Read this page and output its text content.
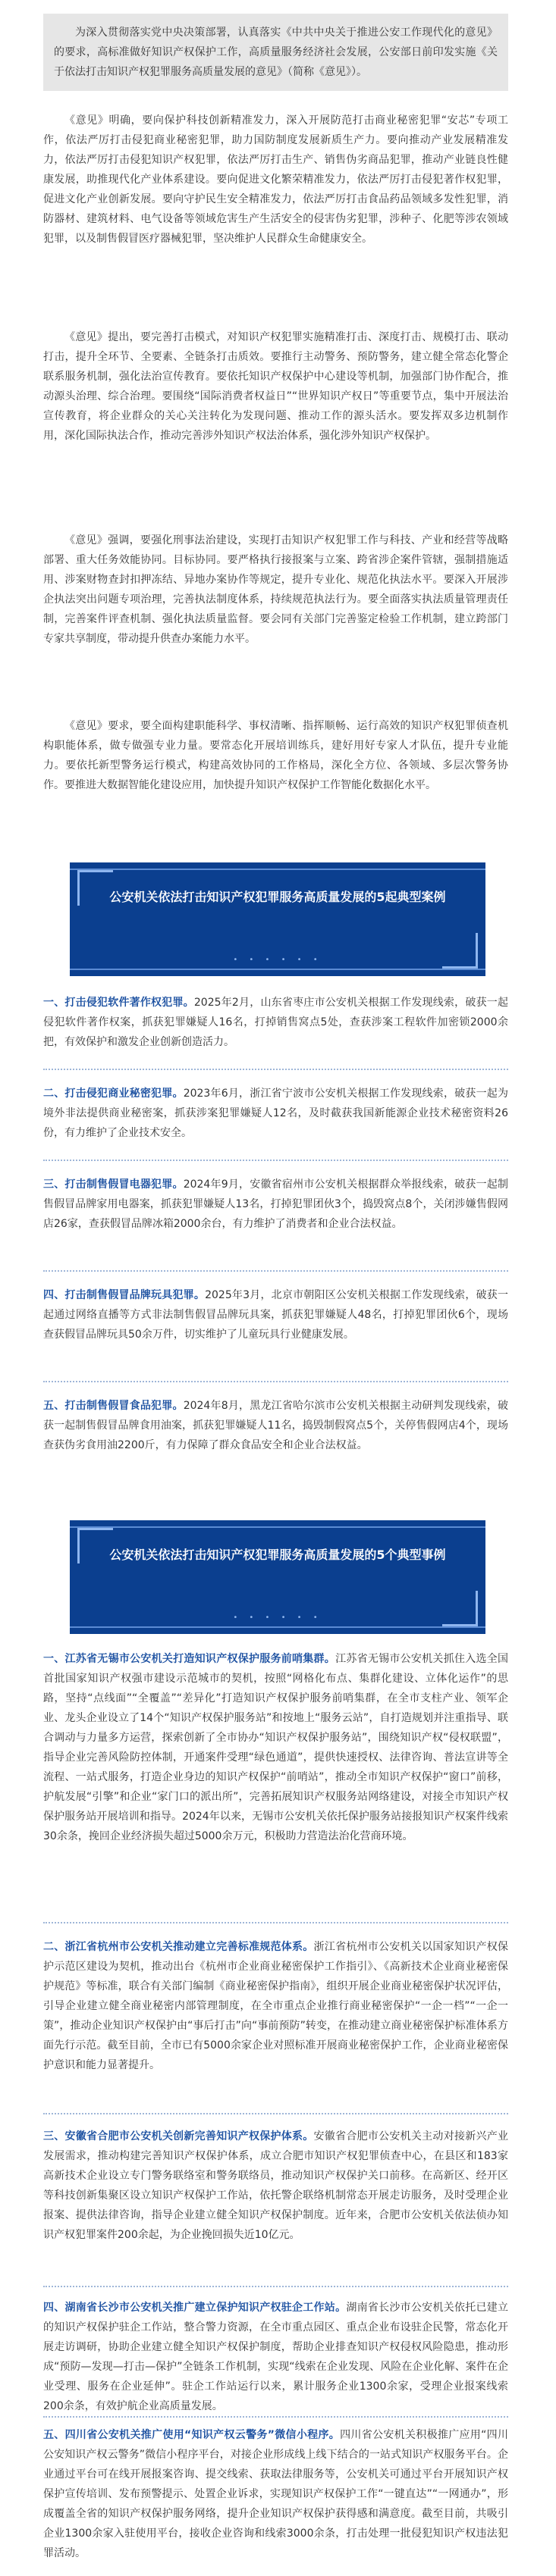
为深入贯彻落实党中央决策部署，认真落实《中共中央关于推进公安工作现代化的意见》的要求，高标准做好知识产权保护工作，高质量服务经济社会发展，公安部日前印发实施《关于依法打击知识产权犯罪服务高质量发展的意见》（简称《意见》）。

《意见》明确，要向保护科技创新精准发力，深入开展防范打击商业秘密犯罪“安芯”专项工作，依法严厉打击侵犯商业秘密犯罪，助力国防制度发展新质生产力。要向推动产业发展精准发力，依法严厉打击侵犯知识产权犯罪，依法严厉打击生产、销售伪劣商品犯罪，推动产业链良性健康发展，助推现代化产业体系建设。要向促进文化繁荣精准发力，依法严厉打击侵犯著作权犯罪，促进文化产业创新发展。要向守护民生安全精准发力，依法严厉打击食品药品领域多发性犯罪，消防器材、建筑材料、电气设备等领域危害生产生活安全的侵害伪劣犯罪，涉种子、化肥等涉农领域犯罪，以及制售假冒医疗器械犯罪，坚决维护人民群众生命健康安全。

《意见》提出，要完善打击模式，对知识产权犯罪实施精准打击、深度打击、规模打击、联动打击，提升全环节、全要素、全链条打击质效。要推行主动警务、预防警务，建立健全常态化警企联系服务机制，强化法治宣传教育。要依托知识产权保护中心建设等机制，加强部门协作配合，推动源头治理、综合治理。要围绕“国际消费者权益日”“世界知识产权日”等重要节点，集中开展法治宣传教育，将企业群众的关心关注转化为发现问题、推动工作的源头活水。要发挥双多边机制作用，深化国际执法合作，推动完善涉外知识产权法治体系，强化涉外知识产权保护。

《意见》强调，要强化刑事法治建设，实现打击知识产权犯罪工作与科技、产业和经营等战略部署、重大任务效能协同。目标协同。要严格执行接报案与立案、跨省涉企案件管辖，强制措施适用、涉案财物查封扣押冻结、异地办案协作等规定，提升专业化、规范化执法水平。要深入开展涉企执法突出问题专项治理，完善执法制度体系，持续规范执法行为。要全面落实执法质量管理责任制，完善案件评查机制、强化执法质量监督。要会同有关部门完善鉴定检验工作机制，建立跨部门专家共享制度，带动提升供查办案能力水平。

《意见》要求，要全面构建职能科学、事权清晰、指挥顺畅、运行高效的知识产权犯罪侦查机构职能体系，做专做强专业力量。要常态化开展培训练兵，建好用好专家人才队伍，提升专业能力。要依托新型警务运行模式，构建高效协同的工作格局，深化全方位、各领域、多层次警务协作。要推进大数据智能化建设应用，加快提升知识产权保护工作智能化数据化水平。

公安机关依法打击知识产权犯罪服务高质量发展的5起典型案例
• • • • • •
一、打击侵犯软件著作权犯罪。2025年2月，山东省枣庄市公安机关根据工作发现线索，破获一起侵犯软件著作权案，抓获犯罪嫌疑人16名，打掉销售窝点5处，查获涉案工程软件加密锁2000余把，有效保护和激发企业创新创造活力。
二、打击侵犯商业秘密犯罪。2023年6月，浙江省宁波市公安机关根据工作发现线索，破获一起为境外非法提供商业秘密案，抓获涉案犯罪嫌疑人12名，及时截获我国新能源企业技术秘密资料26份，有力维护了企业技术安全。
三、打击制售假冒电器犯罪。2024年9月，安徽省宿州市公安机关根据群众举报线索，破获一起制售假冒品牌家用电器案，抓获犯罪嫌疑人13名，打掉犯罪团伙3个，捣毁窝点8个，关闭涉嫌售假网店26家，查获假冒品牌冰箱2000余台，有力维护了消费者和企业合法权益。
四、打击制售假冒品牌玩具犯罪。2025年3月，北京市朝阳区公安机关根据工作发现线索，破获一起通过网络直播等方式非法制售假冒品牌玩具案，抓获犯罪嫌疑人48名，打掉犯罪团伙6个，现场查获假冒品牌玩具50余万件，切实维护了儿童玩具行业健康发展。
五、打击制售假冒食品犯罪。2024年8月，黑龙江省哈尔滨市公安机关根据主动研判发现线索，破获一起制售假冒品牌食用油案，抓获犯罪嫌疑人11名，捣毁制假窝点5个，关停售假网店4个，现场查获伪劣食用油2200斤，有力保障了群众食品安全和企业合法权益。
公安机关依法打击知识产权犯罪服务高质量发展的5个典型事例
• • • • • •
一、江苏省无锡市公安机关打造知识产权保护服务前哨集群。江苏省无锡市公安机关抓住入选全国首批国家知识产权强市建设示范城市的契机，按照“网格化布点、集群化建设、立体化运作”的思路，坚持“点线面”“全覆盖”“差异化”打造知识产权保护服务前哨集群，在全市支柱产业、领军企业、龙头企业设立了14个“知识产权保护服务站”和按地上“服务云站”，自打造规划并注重指导、联合调动与力量多方运营，探索创新了全市协办“知识产权保护服务站”，围绕知识产权“侵权联盟”，指导企业完善风险防控体制，开通案件受理“绿色通道”，提供快速授权、法律咨询、普法宣讲等全流程、一站式服务，打造企业身边的知识产权保护“前哨站”，推动全市知识产权保护“窗口”前移，护航发展“引擎”和企业“家门口的派出所”，完善拓展知识产权服务站网络建设，对接全市知识产权保护服务站开展培训和指导。2024年以来，无锡市公安机关依托保护服务站接报知识产权案件线索30余条，挽回企业经济损失超过5000余万元，积极助力营造法治化营商环境。
二、浙江省杭州市公安机关推动建立完善标准规范体系。浙江省杭州市公安机关以国家知识产权保护示范区建设为契机，推动出台《杭州市企业商业秘密保护工作指引》、《高新技术企业商业秘密保护规范》等标准，联合有关部门编制《商业秘密保护指南》，组织开展企业商业秘密保护状况评估，引导企业建立健全商业秘密内部管理制度，在全市重点企业推行商业秘密保护“一企一档”“一企一策”，推动企业知识产权保护由“事后打击”向“事前预防”转变，在推动建立商业秘密保护标准体系方面先行示范。截至目前，全市已有5000余家企业对照标准开展商业秘密保护工作，企业商业秘密保护意识和能力显著提升。
三、安徽省合肥市公安机关创新完善知识产权保护体系。安徽省合肥市公安机关主动对接新兴产业发展需求，推动构建完善知识产权保护体系，成立合肥市知识产权犯罪侦查中心，在县区和183家高新技术企业设立专门警务联络室和警务联络员，推动知识产权保护关口前移。在高新区、经开区等科技创新集聚区设立知识产权保护工作站，依托警企联络机制常态开展走访服务，及时受理企业报案、提供法律咨询，指导企业建立健全知识产权保护制度。近年来，合肥市公安机关依法侦办知识产权犯罪案件200余起，为企业挽回损失近10亿元。
四、湖南省长沙市公安机关推广建立保护知识产权驻企工作站。湖南省长沙市公安机关依托已建立的知识产权保护驻企工作站，整合警力资源，在全市重点园区、重点企业布设驻企民警，常态化开展走访调研，协助企业建立健全知识产权保护制度，帮助企业排查知识产权侵权风险隐患，推动形成“预防—发现—打击—保护”全链条工作机制，实现“线索在企业发现、风险在企业化解、案件在企业受理、服务在企业延伸”。驻企工作站运行以来，累计服务企业1300余家，受理企业报案线索200余条，有效护航企业高质量发展。
五、四川省公安机关推广使用“知识产权云警务”微信小程序。四川省公安机关积极推广应用“四川公安知识产权云警务”微信小程序平台，对接企业形成线上线下结合的一站式知识产权服务平台。企业通过平台可在线开展报案咨询、提交线索、获取法律服务等，公安机关可通过平台开展知识产权保护宣传培训、发布预警提示、处置企业诉求，实现知识产权保护工作“一键直达”“一网通办”，形成覆盖全省的知识产权保护服务网络，提升企业知识产权保护获得感和满意度。截至目前，共吸引企业1300余家入驻使用平台，接收企业咨询和线索3000余条，打击处理一批侵犯知识产权违法犯罪活动。
